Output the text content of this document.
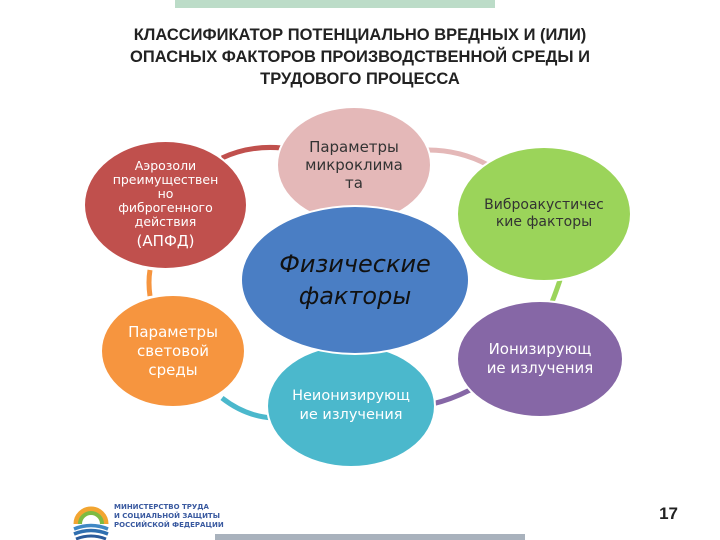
КЛАССИФИКАТОР ПОТЕНЦИАЛЬНО ВРЕДНЫХ И (ИЛИ)
ОПАСНЫХ ФАКТОРОВ ПРОИЗВОДСТВЕННОЙ СРЕДЫ И
ТРУДОВОГО ПРОЦЕССА
Аэрозоли
преимуществен
но
фиброгенного
действия
(АПФД)
Параметры
микроклима
та
Виброакустичес
кие факторы
Параметры
световой
среды
Ионизирующ
ие излучения
Неионизирующ
ие излучения
Физические
факторы
МИНИСТЕРСТВО ТРУДА
И СОЦИАЛЬНОЙ ЗАЩИТЫ
РОССИЙСКОЙ ФЕДЕРАЦИИ
17
